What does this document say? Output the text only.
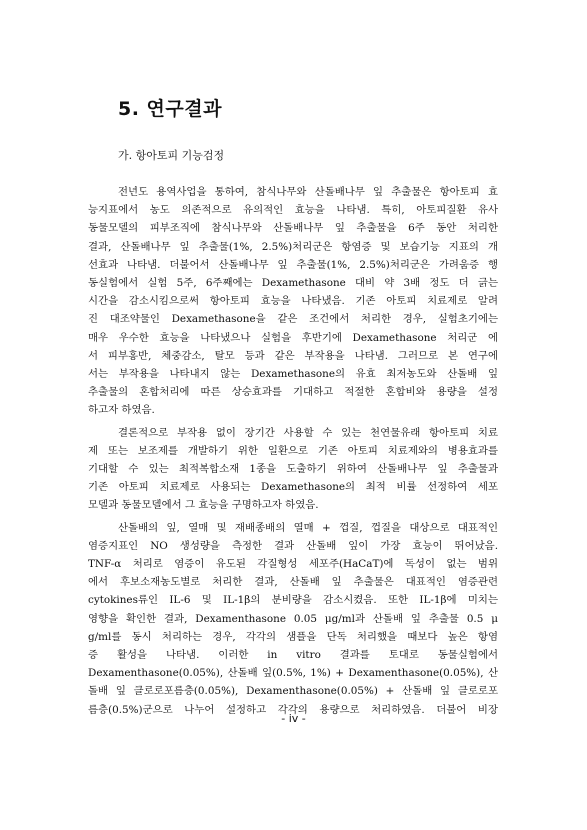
5. 연구결과
가. 항아토피 기능검정
전년도 용역사업을 통하여, 참식나무와 산돌배나무 잎 추출물은 항아토피 효
능지표에서 농도 의존적으로 유의적인 효능을 나타냄. 특히, 아토피질환 유사
동물모델의 피부조직에 참식나무와 산돌배나무 잎 추출물을 6주 동안 처리한
결과, 산돌배나무 잎 추출물(1%, 2.5%)처리군은 항염증 및 보습기능 지표의 개
선효과 나타냄. 더불어서 산돌배나무 잎 추출물(1%, 2.5%)처리군은 가려움증 행
동실험에서 실험 5주, 6주째에는 Dexamethasone 대비 약 3배 정도 더 긁는
시간을 감소시킴으로써 항아토피 효능을 나타냈음. 기존 아토피 치료제로 알려
진 대조약물인 Dexamethasone을 같은 조건에서 처리한 경우, 실험초기에는
매우 우수한 효능을 나타냈으나 실험을 후반기에 Dexamethasone 처리군 에
서 피부홍반, 체중감소, 탈모 등과 같은 부작용을 나타냄. 그러므로 본 연구에
서는 부작용을 나타내지 않는 Dexamethasone의 유효 최저농도와 산돌배 잎
추출물의 혼합처리에 따른 상승효과를 기대하고 적절한 혼합비와 용량을 설정
하고자 하였음.
결론적으로 부작용 없이 장기간 사용할 수 있는 천연물유래 항아토피 치료
제 또는 보조제를 개발하기 위한 일환으로 기존 아토피 치료제와의 병용효과를
기대할 수 있는 최적복합소재 1종을 도출하기 위하여 산돌배나무 잎 추출물과
기존 아토피 치료제로 사용되는 Dexamethasone의 최적 비률 선정하여 세포
모델과 동물모델에서 그 효능을 구명하고자 하였음.
산돌배의 잎, 열매 및 재배종배의 열매 + 껍질, 껍질을 대상으로 대표적인
염증지표인 NO 생성량을 측정한 결과 산돌배 잎이 가장 효능이 뛰어났음.
TNF-α 처리로 염증이 유도된 각질형성 세포주(HaCaT)에 독성이 없는 범위
에서 후보소재농도별로 처리한 결과, 산돌배 잎 추출물은 대표적인 염증관련
cytokines류인 IL-6 및 IL-1β의 분비량을 감소시켰음. 또한 IL-1β에 미치는
영향을 확인한 결과, Dexamenthasone 0.05 μg/ml과 산돌배 잎 추출물 0.5 μ
g/ml를 동시 처리하는 경우, 각각의 샘플을 단독 처리했을 때보다 높은 항염
증 활성을 나타냄. 이러한 in vitro 결과를 토대로 동물실험에서
Dexamenthasone(0.05%), 산돌배 잎(0.5%, 1%) + Dexamenthasone(0.05%), 산
돌배 잎 클로로포름층(0.05%), Dexamenthasone(0.05%) + 산돌배 잎 클로로포
름층(0.5%)군으로 나누어 설정하고 각각의 용량으로 처리하였음. 더불어 비장
- iv -
